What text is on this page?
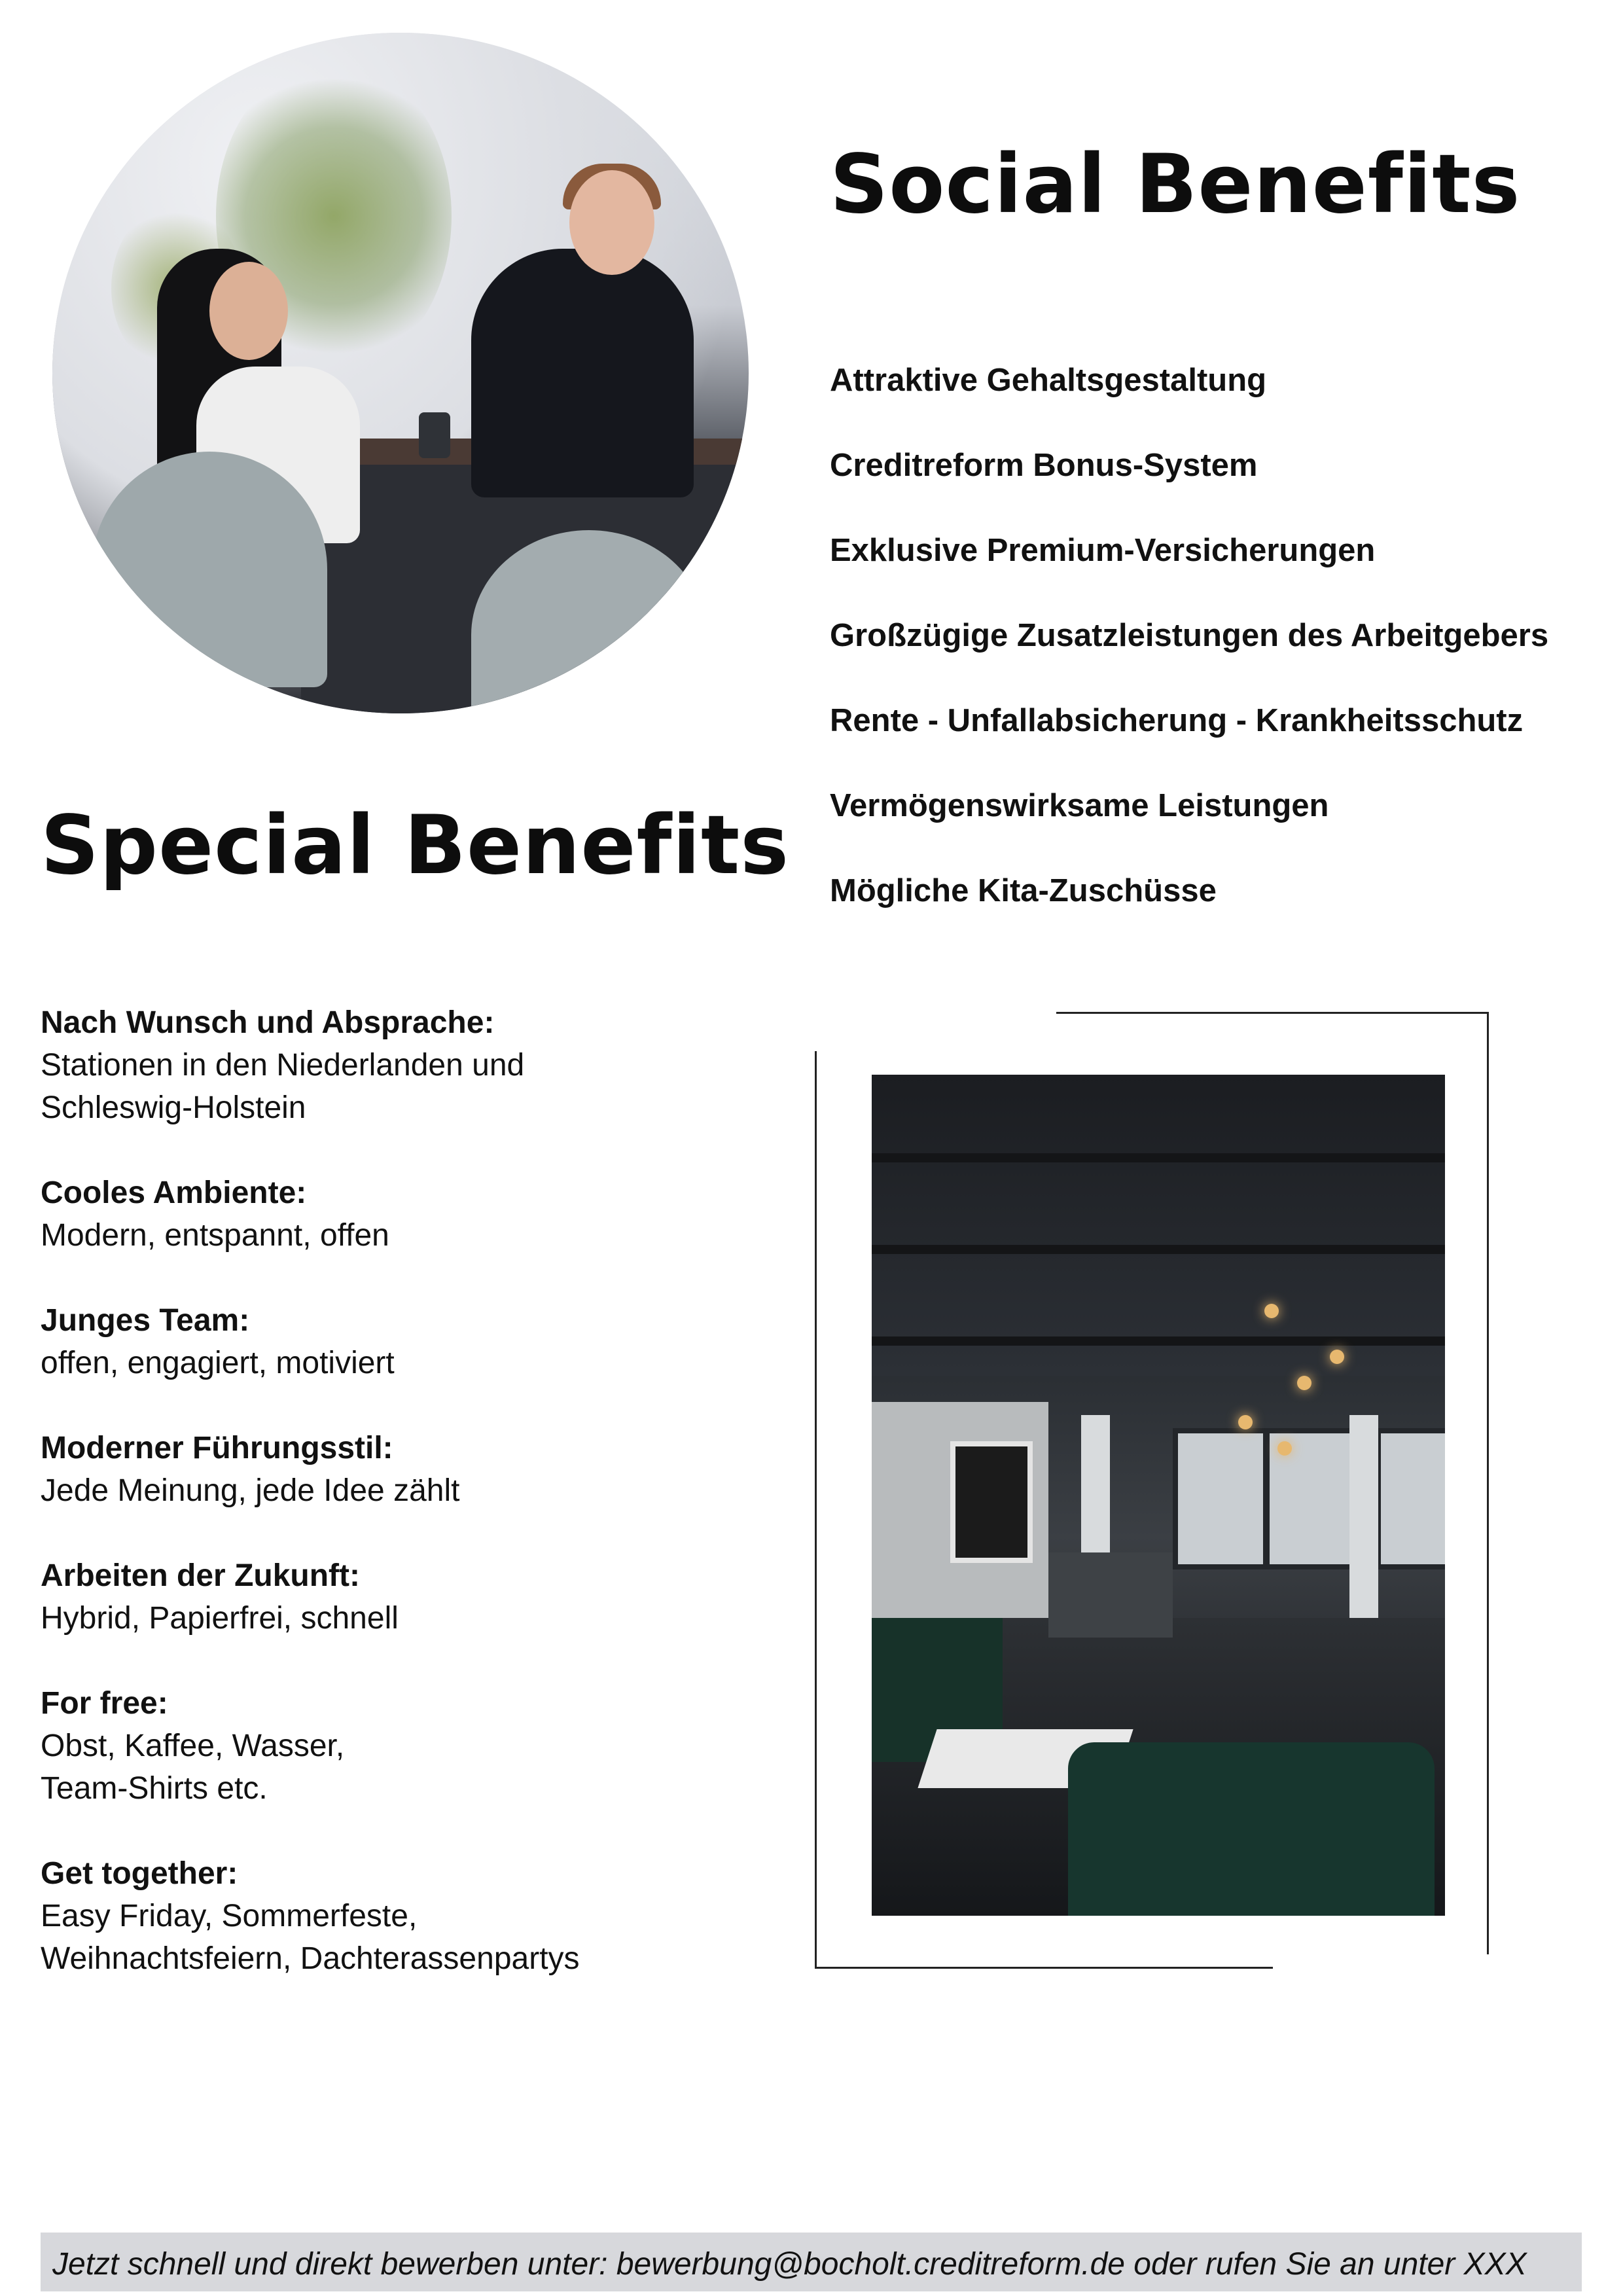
Social Benefits
Attraktive Gehaltsgestaltung
Creditreform Bonus-System
Exklusive Premium-Versicherungen
Großzügige Zusatzleistungen des Arbeitgebers
Rente - Unfallabsicherung - Krankheitsschutz
Vermögenswirksame Leistungen
Mögliche Kita-Zuschüsse
Special Benefits
Nach Wunsch und Absprache:
Stationen in den Niederlanden und
Schleswig-Holstein
Cooles Ambiente:
Modern, entspannt, offen
Junges Team:
offen, engagiert, motiviert
Moderner Führungsstil:
Jede Meinung, jede Idee zählt
Arbeiten der Zukunft:
Hybrid, Papierfrei, schnell
For free:
Obst, Kaffee, Wasser,
Team-Shirts etc.
Get together:
Easy Friday, Sommerfeste,
Weihnachtsfeiern, Dachterassenpartys
Jetzt schnell und direkt bewerben unter: bewerbung@bocholt.creditreform.de oder rufen Sie an unter XXX
